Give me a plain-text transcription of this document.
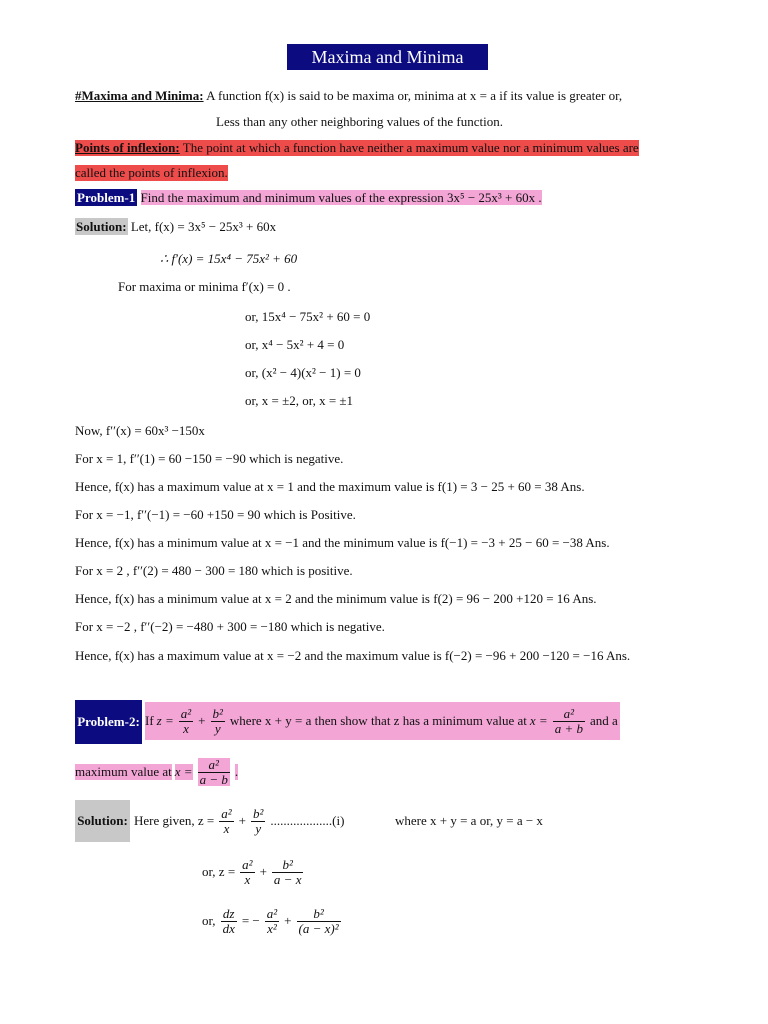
Maxima and Minima
#Maxima and Minima: A function f(x) is said to be maxima or, minima at x = a if its value is greater or,
Less than any other neighboring values of the function.
Points of inflexion: The point at which a function have neither a maximum value nor a minimum values are
called the points of inflexion.
Problem-1 Find the maximum and minimum values of the expression 3x⁵ − 25x³ + 60x .
Solution: Let, f(x) = 3x⁵ − 25x³ + 60x
∴ f′(x) = 15x⁴ − 75x² + 60
For maxima or minima f′(x) = 0 .
or, 15x⁴ − 75x² + 60 = 0
or, x⁴ − 5x² + 4 = 0
or, (x² − 4)(x² − 1) = 0
or, x = ±2, or, x = ±1
Now, f′′(x) = 60x³ −150x
For x = 1, f′′(1) = 60 −150 = −90 which is negative.
Hence, f(x) has a maximum value at x = 1 and the maximum value is f(1) = 3 − 25 + 60 = 38 Ans.
For x = −1, f′′(−1) = −60 +150 = 90 which is Positive.
Hence, f(x) has a minimum value at x = −1 and the minimum value is f(−1) = −3 + 25 − 60 = −38 Ans.
For x = 2 , f′′(2) = 480 − 300 = 180 which is positive.
Hence, f(x) has a minimum value at x = 2 and the minimum value is f(2) = 96 − 200 +120 = 16 Ans.
For x = −2 , f′′(−2) = −480 + 300 = −180 which is negative.
Hence, f(x) has a maximum value at x = −2 and the maximum value is f(−2) = −96 + 200 −120 = −16 Ans.
Problem-2: If $z = \frac{\text{a²}}{x} + \frac{\text{b²}}{y}$ where x + y = a then show that z has a minimum value at $x = \frac{\text{a²}}{a + b}$ and a
maximum value at $x = \frac{\text{a²}}{a - b}$ .
Solution: Here given, $z = \frac{\text{a²}}{x} + \frac{\text{b²}}{y} ...................(i)$	where x + y = a or, y = a − x
or, $z = \frac{\text{a²}}{x} + \frac{\text{b²}}{a - x}$
or, $\frac{dz}{dx}$ = − $\frac{\text{a²}}{\text{x²}} + \frac{\text{b²}}{\text{(a − x)²}}$
